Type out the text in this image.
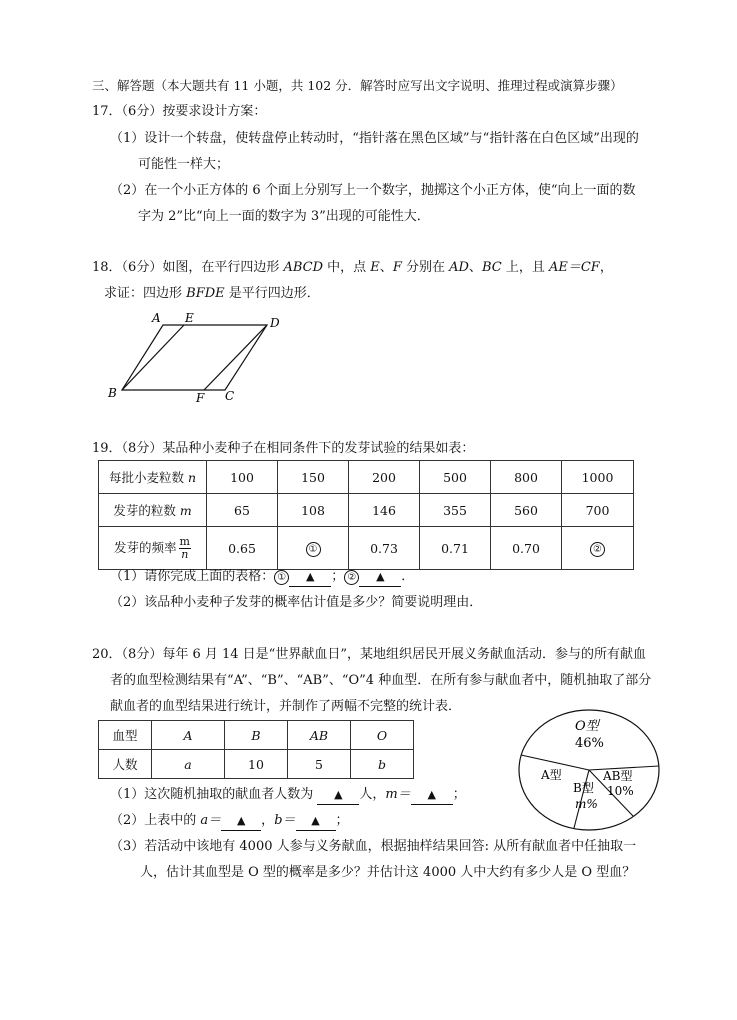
三、解答题（本大题共有 11 小题，共 102 分．解答时应写出文字说明、推理过程或演算步骤）
17．（6分）按要求设计方案：
（1）设计一个转盘，使转盘停止转动时，“指针落在黑色区域”与“指针落在白色区域”出现的
可能性一样大；
（2）在一个小正方体的 6 个面上分别写上一个数字，抛掷这个小正方体，使“向上一面的数
字为 2”比“向上一面的数字为 3”出现的可能性大．
18．（6分）如图，在平行四边形 ABCD 中，点 E、F 分别在 AD、BC 上，且 AE＝CF，
求证：四边形 BFDE 是平行四边形．
A E	D
B	F C
19．（8分）某品种小麦种子在相同条件下的发芽试验的结果如表：
每批小麦粒数 n	100	150	200	500	800	1000
发芽的粒数 m	65	108	146	355	560	700
发芽的频率 $\frac{m}{n}$	0.65	①	0.73	0.71	0.70	②
（1）请你完成上面的表格： ① ▲ ； ② ▲ ．
（2）该品种小麦种子发芽的概率估计值是多少？简要说明理由．
20．（8分）每年 6 月 14 日是“世界献血日”，某地组织居民开展义务献血活动．参与的所有献血
者的血型检测结果有“A”、“B”、“AB”、“O”4 种血型．在所有参与献血者中，随机抽取了部分
献血者的血型结果进行统计，并制作了两幅不完整的统计表．
血型	A	B	AB	O
人数	a	10	5	b
O型
46%
A型	AB型
10%
B型
m%
（1）这次随机抽取的献血者人数为 ▲ 人，m＝ ▲ ；
（2）上表中的 a＝ ▲ ，b＝ ▲ ；
（3）若活动中该地有 4000 人参与义务献血，根据抽样结果回答: 从所有献血者中任抽取一
人，估计其血型是 O 型的概率是多少？并估计这 4000 人中大约有多少人是 O 型血？
